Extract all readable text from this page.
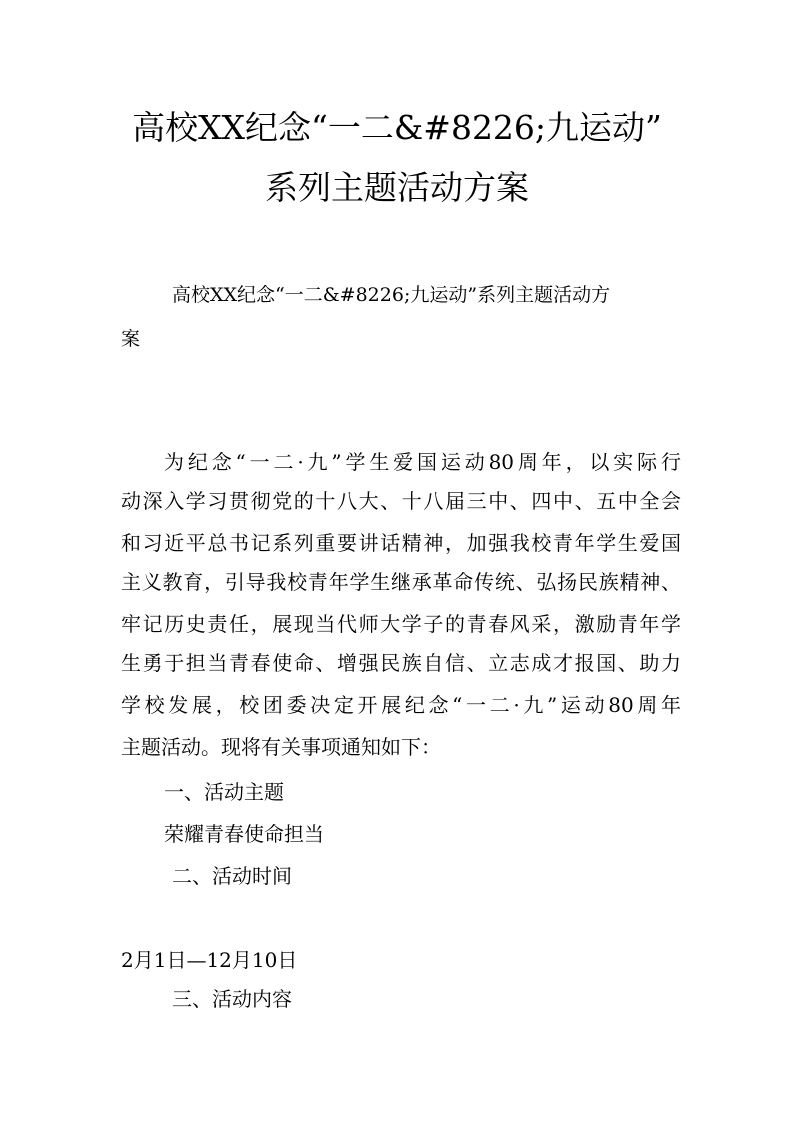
高校XX纪念“一二&#8226;九运动”
系列主题活动方案
高校XX纪念“一二&#8226;九运动”系列主题活动方
案
为纪念“一二·九”学生爱国运动80周年，以实际行
动深入学习贯彻党的十八大、十八届三中、四中、五中全会
和习近平总书记系列重要讲话精神，加强我校青年学生爱国
主义教育，引导我校青年学生继承革命传统、弘扬民族精神、
牢记历史责任，展现当代师大学子的青春风采，激励青年学
生勇于担当青春使命、增强民族自信、立志成才报国、助力
学校发展，校团委决定开展纪念“一二·九”运动80周年
主题活动。现将有关事项通知如下：
一、活动主题
荣耀青春使命担当
二、活动时间
2月1日—12月10日
三、活动内容
